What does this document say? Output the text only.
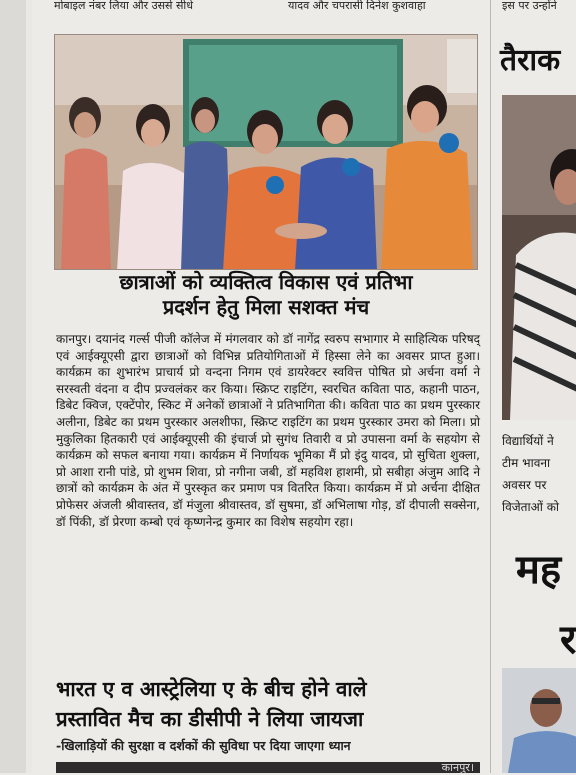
मोबाइल नंबर लिया और उससे सीधे	यादव और चपरासी दिनेश कुशवाहा	इस पर उन्होंने
छात्राओं को व्यक्तित्व विकास एवं प्रतिभा
प्रदर्शन हेतु मिला सशक्त मंच
कानपुर। दयानंद गर्ल्स पीजी कॉलेज में मंगलवार को डॉ नागेंद्र स्वरुप सभागार मे साहित्यिक परिषद् एवं आईक्यूएसी द्वारा छात्राओं को विभिन्न प्रतियोगिताओं में हिस्सा लेने का अवसर प्राप्त हुआ। कार्यक्रम का शुभारंभ प्राचार्य प्रो वन्दना निगम एवं डायरेक्टर स्ववित्त पोषित प्रो अर्चना वर्मा ने सरस्वती वंदना व दीप प्रज्वलंकर कर किया। स्क्रिप्ट राइटिंग, स्वरचित कविता पाठ, कहानी पाठन, डिबेट क्विज, एक्टेंपोर, स्किट में अनेकों छात्राओं ने प्रतिभागिता की। कविता पाठ का प्रथम पुरस्कार अलीना, डिबेट का प्रथम पुरस्कार अलशीफा, स्क्रिप्ट राइटिंग का प्रथम पुरस्कार उमरा को मिला। प्रो मुकुलिका हितकारी एवं आईक्यूएसी की इंचार्ज प्रो सुगंध तिवारी व प्रो उपासना वर्मा के सहयोग से कार्यक्रम को सफल बनाया गया। कार्यक्रम में निर्णायक भूमिका मैं प्रो इंदु यादव, प्रो सुचिता शुक्ला, प्रो आशा रानी पांडे, प्रो शुभम शिवा, प्रो नगीना जबी, डॉ महविश हाशमी, प्रो सबीहा अंजुम आदि ने छात्रों को कार्यक्रम के अंत में पुरस्कृत कर प्रमाण पत्र वितरित किया। कार्यक्रम में प्रो अर्चना दीक्षित प्रोफेसर अंजली श्रीवास्तव, डॉ मंजुला श्रीवास्तव, डॉ सुषमा, डॉ अभिलाषा गोड़, डॉ दीपाली सक्सेना, डॉ पिंकी, डॉ प्रेरणा कम्बो एवं कृष्णनेन्द्र कुमार का विशेष सहयोग रहा।
भारत ए व आस्ट्रेलिया ए के बीच होने वाले
प्रस्तावित मैच का डीसीपी ने लिया जायजा
-खिलाड़ियों की सुरक्षा व दर्शकों की सुविधा पर दिया जाएगा ध्यान
कानपुर।
तैराक
विद्यार्थियों ने
टीम भावना
अवसर पर
विजेताओं को
मह
र
